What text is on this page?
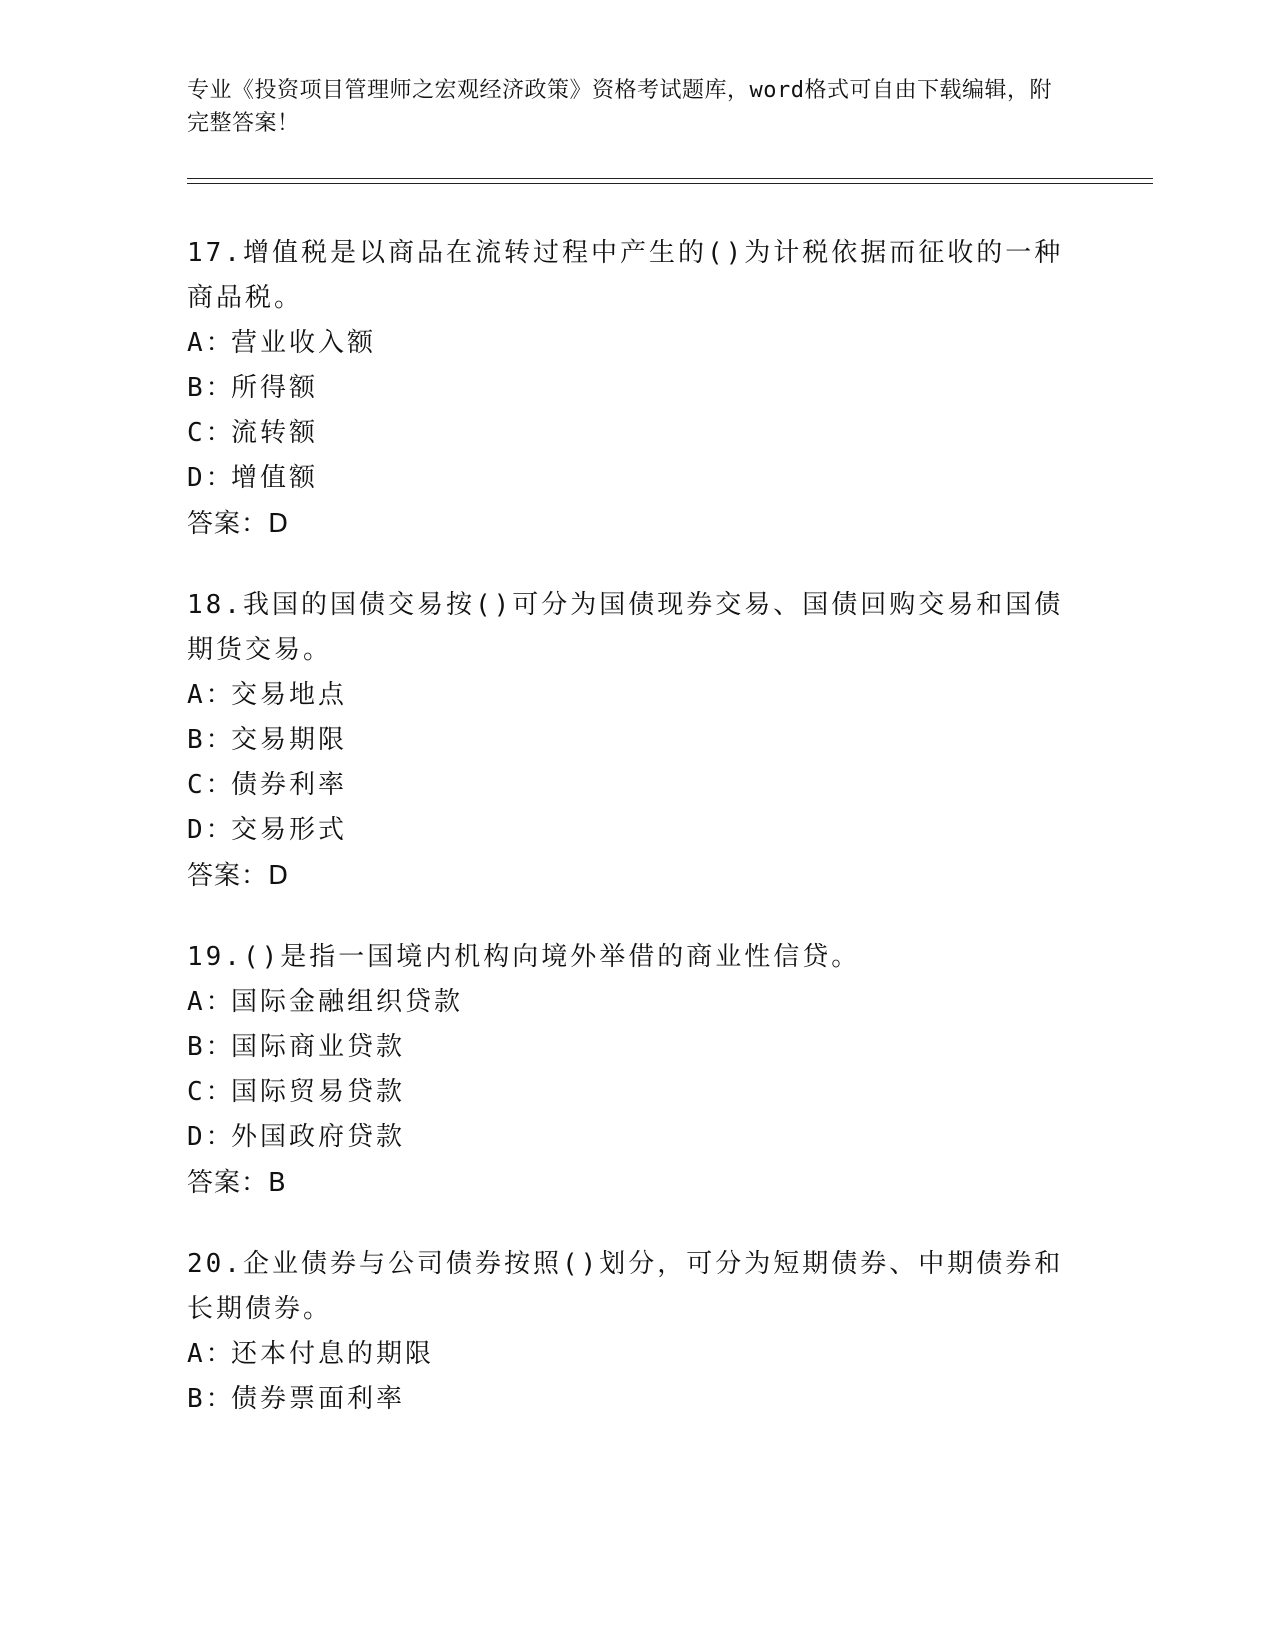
专业《投资项目管理师之宏观经济政策》资格考试题库，word格式可自由下载编辑，附完整答案！
17.增值税是以商品在流转过程中产生的()为计税依据而征收的一种商品税。
A：营业收入额
B：所得额
C：流转额
D：增值额
答案：D
18.我国的国债交易按()可分为国债现券交易、国债回购交易和国债期货交易。
A：交易地点
B：交易期限
C：债券利率
D：交易形式
答案：D
19.()是指一国境内机构向境外举借的商业性信贷。
A：国际金融组织贷款
B：国际商业贷款
C：国际贸易贷款
D：外国政府贷款
答案：B
20.企业债券与公司债券按照()划分，可分为短期债券、中期债券和长期债券。
A：还本付息的期限
B：债券票面利率
